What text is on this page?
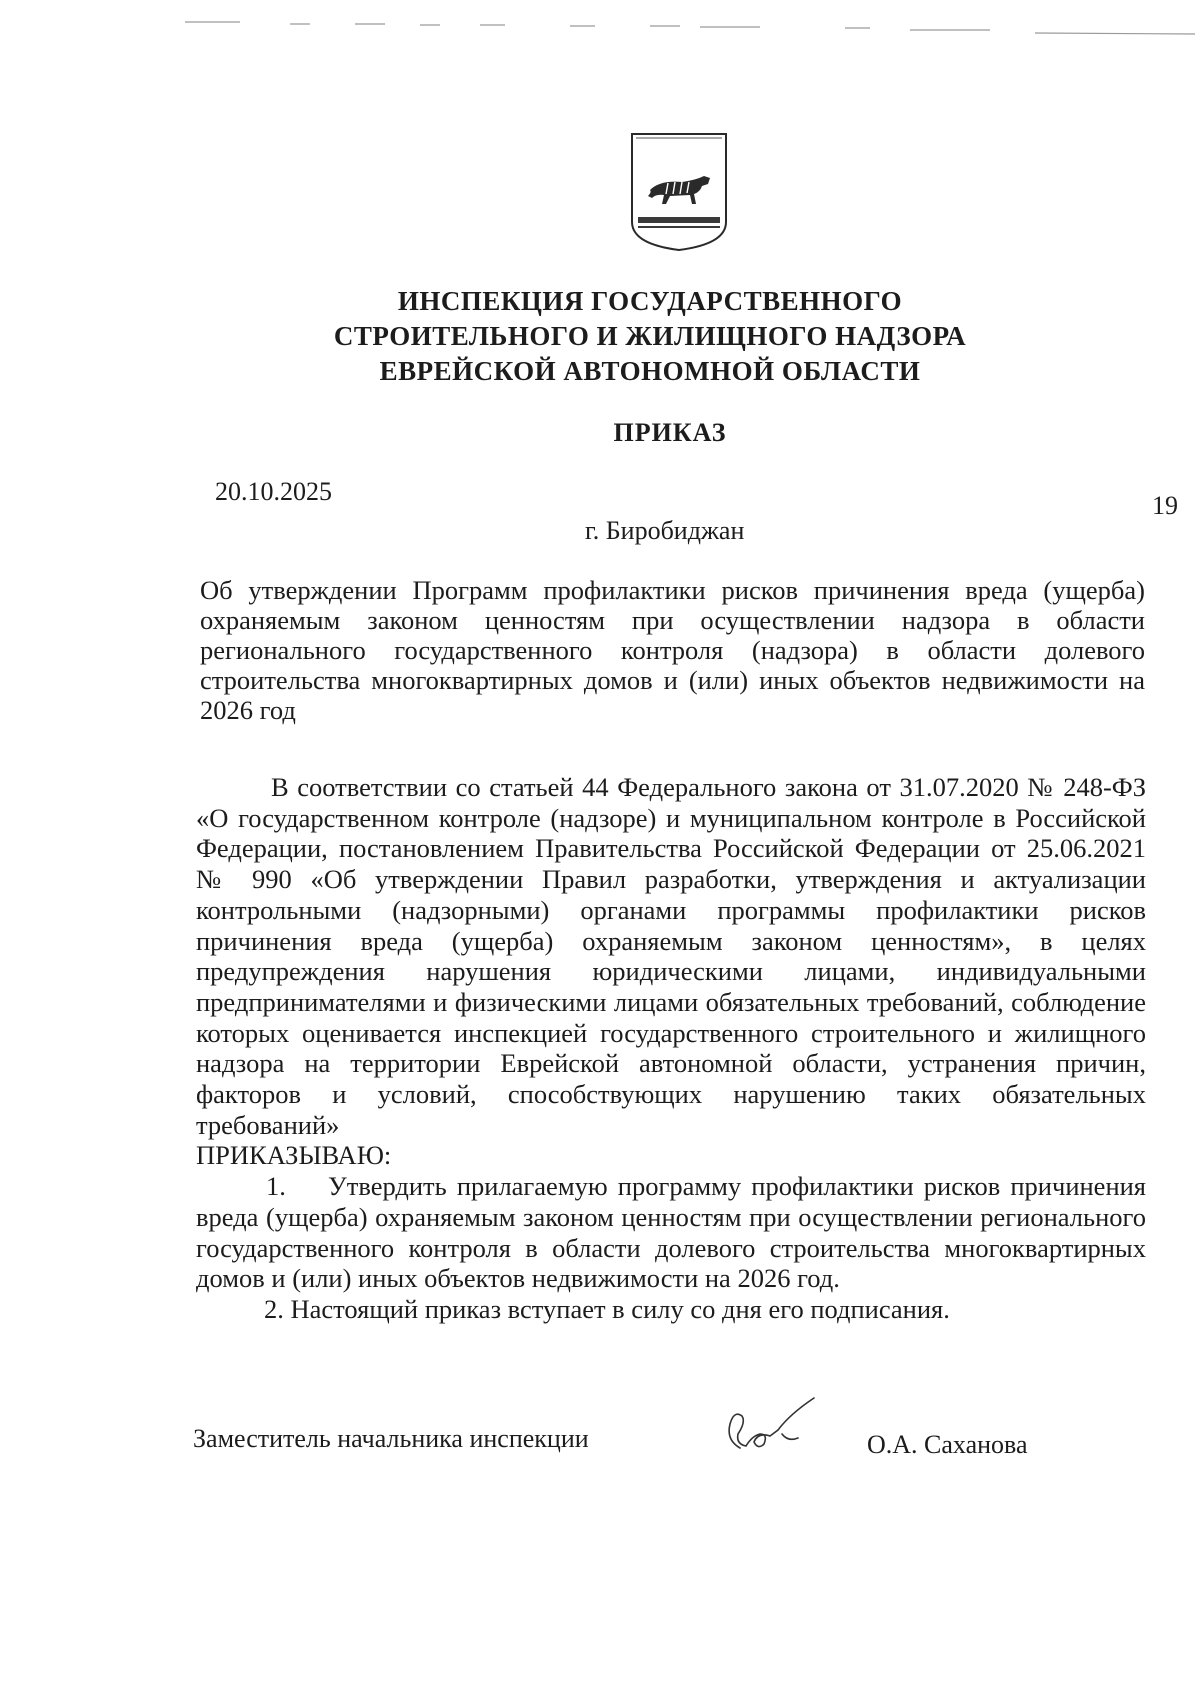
ИНСПЕКЦИЯ ГОСУДАРСТВЕННОГО
СТРОИТЕЛЬНОГО И ЖИЛИЩНОГО НАДЗОРА
ЕВРЕЙСКОЙ АВТОНОМНОЙ ОБЛАСТИ
ПРИКАЗ
20.10.2025	19
г. Биробиджан
Об утверждении Программ профилактики рисков причинения вреда (ущерба) охраняемым законом ценностям при осуществлении надзора в области регионального государственного контроля (надзора) в области долевого строительства многоквартирных домов и (или) иных объектов недвижимости на 2026 год

В соответствии со статьей 44 Федерального закона от 31.07.2020 № 248-ФЗ «О государственном контроле (надзоре) и муниципальном контроле в Российской Федерации, постановлением Правительства Российской Федерации от 25.06.2021 № 990 «Об утверждении Правил разработки, утверждения и актуализации контрольными (надзорными) органами программы профилактики рисков причинения вреда (ущерба) охраняемым законом ценностям», в целях предупреждения нарушения юридическими лицами, индивидуальными предпринимателями и физическими лицами обязательных требований, соблюдение которых оценивается инспекцией государственного строительного и жилищного надзора на территории Еврейской автономной области, устранения причин, факторов и условий, способствующих нарушению таких обязательных требований»

ПРИКАЗЫВАЮ:

1. Утвердить прилагаемую программу профилактики рисков причинения вреда (ущерба) охраняемым законом ценностям при осуществлении регионального государственного контроля в области долевого строительства многоквартирных домов и (или) иных объектов недвижимости на 2026 год.

2. Настоящий приказ вступает в силу со дня его подписания.

Заместитель начальника инспекции	О.А. Саханова
